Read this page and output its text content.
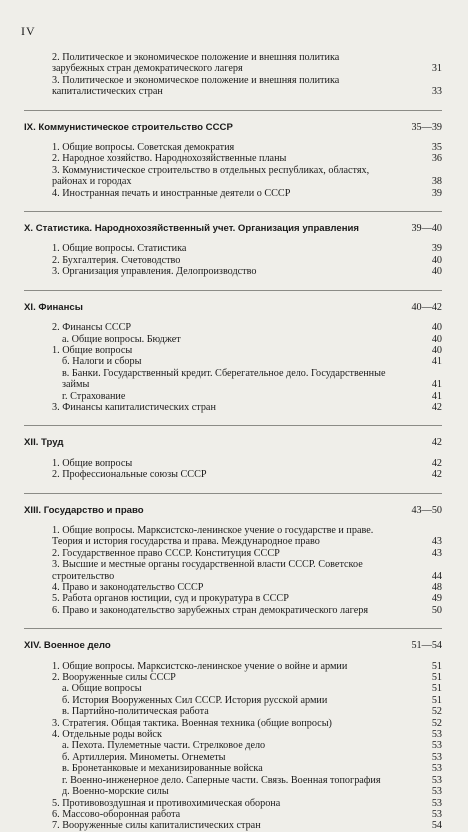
IV
2. Политическое и экономическое положение и внешняя политика зарубежных стран демократического лагеря	31
3. Политическое и экономическое положение и внешняя политика капиталистических стран	33
IX. Коммунистическое строительство СССР	35—39
1. Общие вопросы. Советская демократия	35
2. Народное хозяйство. Народнохозяйственные планы	36
3. Коммунистическое строительство в отдельных республиках, областях, районах и городах	38
4. Иностранная печать и иностранные деятели о СССР	39
X. Статистика. Народнохозяйственный учет. Организация управления	39—40
1. Общие вопросы. Статистика	39
2. Бухгалтерия. Счетоводство	40
3. Организация управления. Делопроизводство	40
XI. Финансы	40—42
2. Финансы СССР	40
а. Общие вопросы. Бюджет	40
1. Общие вопросы	40
б. Налоги и сборы	41
в. Банки. Государственный кредит. Сберегательное дело. Государственные займы	41
г. Страхование	41
3. Финансы капиталистических стран	42
XII. Труд	42
1. Общие вопросы	42
2. Профессиональные союзы СССР	42
XIII. Государство и право	43—50
1. Общие вопросы. Марксистско-ленинское учение о государстве и праве. Теория и история государства и права. Международное право	43
2. Государственное право СССР. Конституция СССР	43
3. Высшие и местные органы государственной власти СССР. Советское строительство	44
4. Право и законодательство СССР	48
5. Работа органов юстиции, суд и прокуратура в СССР	49
6. Право и законодательство зарубежных стран демократического лагеря	50
XIV. Военное дело	51—54
1. Общие вопросы. Марксистско-ленинское учение о войне и армии	51
2. Вооруженные силы СССР	51
а. Общие вопросы	51
б. История Вооруженных Сил СССР. История русской армии	51
в. Партийно-политическая работа	52
3. Стратегия. Общая тактика. Военная техника (общие вопросы)	52
4. Отдельные роды войск	53
а. Пехота. Пулеметные части. Стрелковое дело	53
б. Артиллерия. Минометы. Огнеметы	53
в. Бронетанковые и механизированные войска	53
г. Военно-инженерное дело. Саперные части. Связь. Военная топография	53
д. Военно-морские силы	53
5. Противовоздушная и противохимическая оборона	53
6. Массово-оборонная работа	53
7. Вооруженные силы капиталистических стран	54
